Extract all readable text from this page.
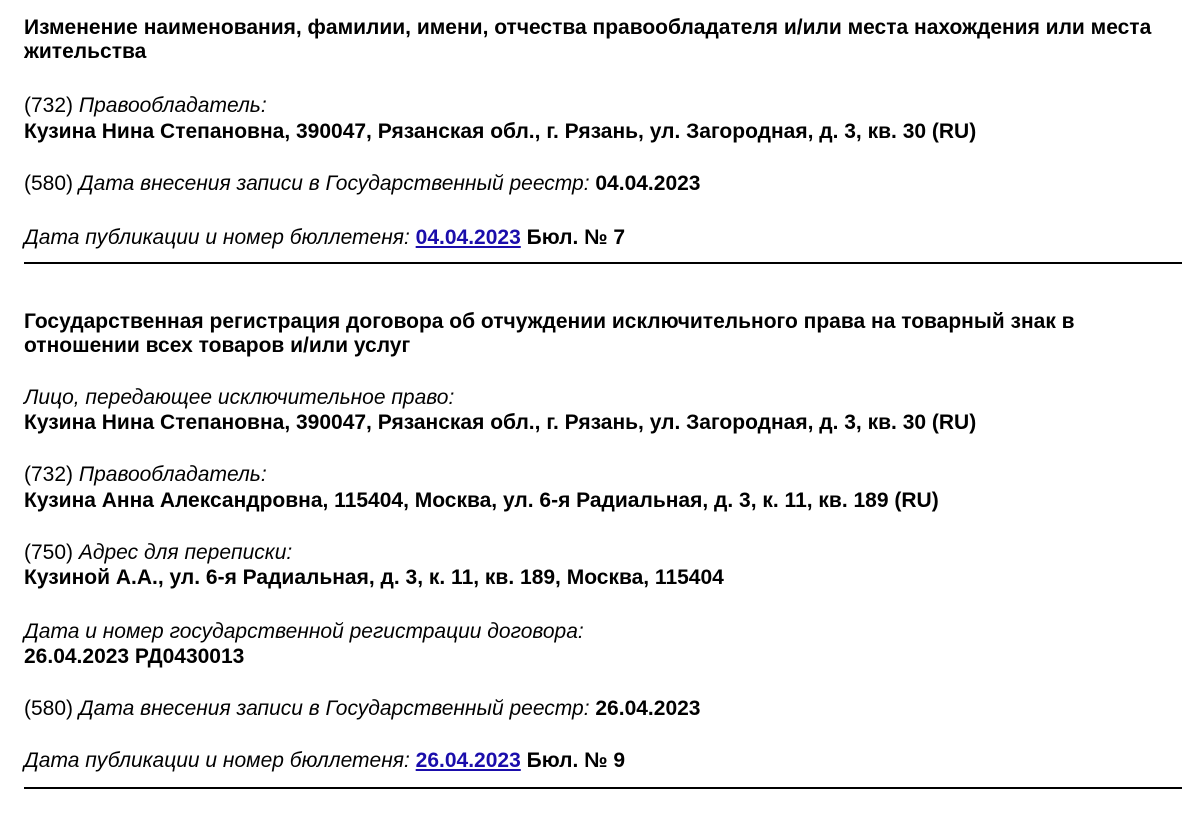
Изменение наименования, фамилии, имени, отчества правообладателя и/или места нахождения или места жительства

(732) Правообладатель:

Кузина Нина Степановна, 390047, Рязанская обл., г. Рязань, ул. Загородная, д. 3, кв. 30 (RU)

(580) Дата внесения записи в Государственный реестр: 04.04.2023

Дата публикации и номер бюллетеня: 04.04.2023 Бюл. № 7

Государственная регистрация договора об отчуждении исключительного права на товарный знак в отношении всех товаров и/или услуг

Лицо, передающее исключительное право:

Кузина Нина Степановна, 390047, Рязанская обл., г. Рязань, ул. Загородная, д. 3, кв. 30 (RU)

(732) Правообладатель:

Кузина Анна Александровна, 115404, Москва, ул. 6-я Радиальная, д. 3, к. 11, кв. 189 (RU)

(750) Адрес для переписки:

Кузиной А.А., ул. 6-я Радиальная, д. 3, к. 11, кв. 189, Москва, 115404

Дата и номер государственной регистрации договора:

26.04.2023 РД0430013

(580) Дата внесения записи в Государственный реестр: 26.04.2023

Дата публикации и номер бюллетеня: 26.04.2023 Бюл. № 9
